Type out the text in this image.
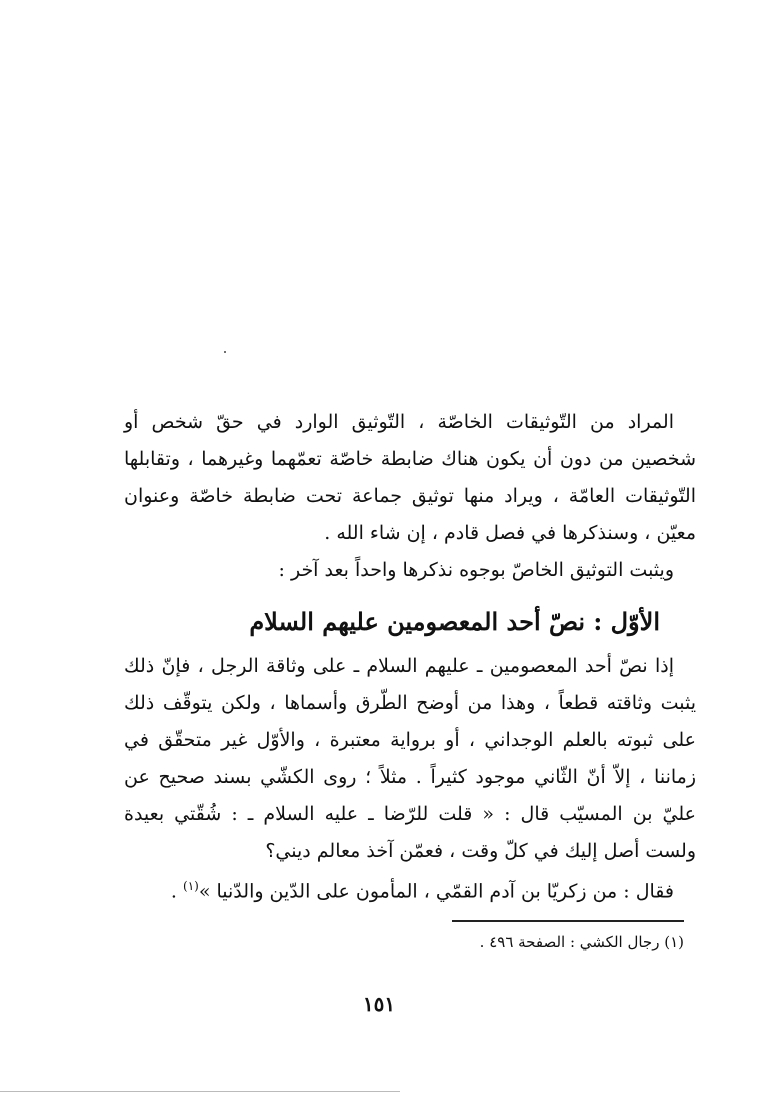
المراد من التّوثيقات الخاصّة ، التّوثيق الوارد في حقّ شخص أو شخصين من دون أن يكون هناك ضابطة خاصّة تعمّهما وغيرهما ، وتقابلها التّوثيقات العامّة ، ويراد منها توثيق جماعة تحت ضابطة خاصّة وعنوان معيّن ، وسنذكرها في فصل قادم ، إن شاء الله .

ويثبت التوثيق الخاصّ بوجوه نذكرها واحداً بعد آخر :

الأوّل : نصّ أحد المعصومين عليهم السلام

إذا نصّ أحد المعصومين ـ عليهم السلام ـ على وثاقة الرجل ، فإنّ ذلك يثبت وثاقته قطعاً ، وهذا من أوضح الطّرق وأسماها ، ولكن يتوقّف ذلك على ثبوته بالعلم الوجداني ، أو برواية معتبرة ، والأوّل غير متحقّق في زماننا ، إلاّ أنّ الثّاني موجود كثيراً . مثلاً ؛ روى الكشّي بسند صحيح عن عليّ بن المسيّب قال : « قلت للرّضا ـ عليه السلام ـ : شُقّتي بعيدة ولست أصل إليك في كلّ وقت ، فعمّن آخذ معالم ديني؟

فقال : من زكريّا بن آدم القمّي ، المأمون على الدّين والدّنيا »$^{(١)}$ .

(١) رجال الكشي : الصفحة ٤٩٦ .

١٥١
